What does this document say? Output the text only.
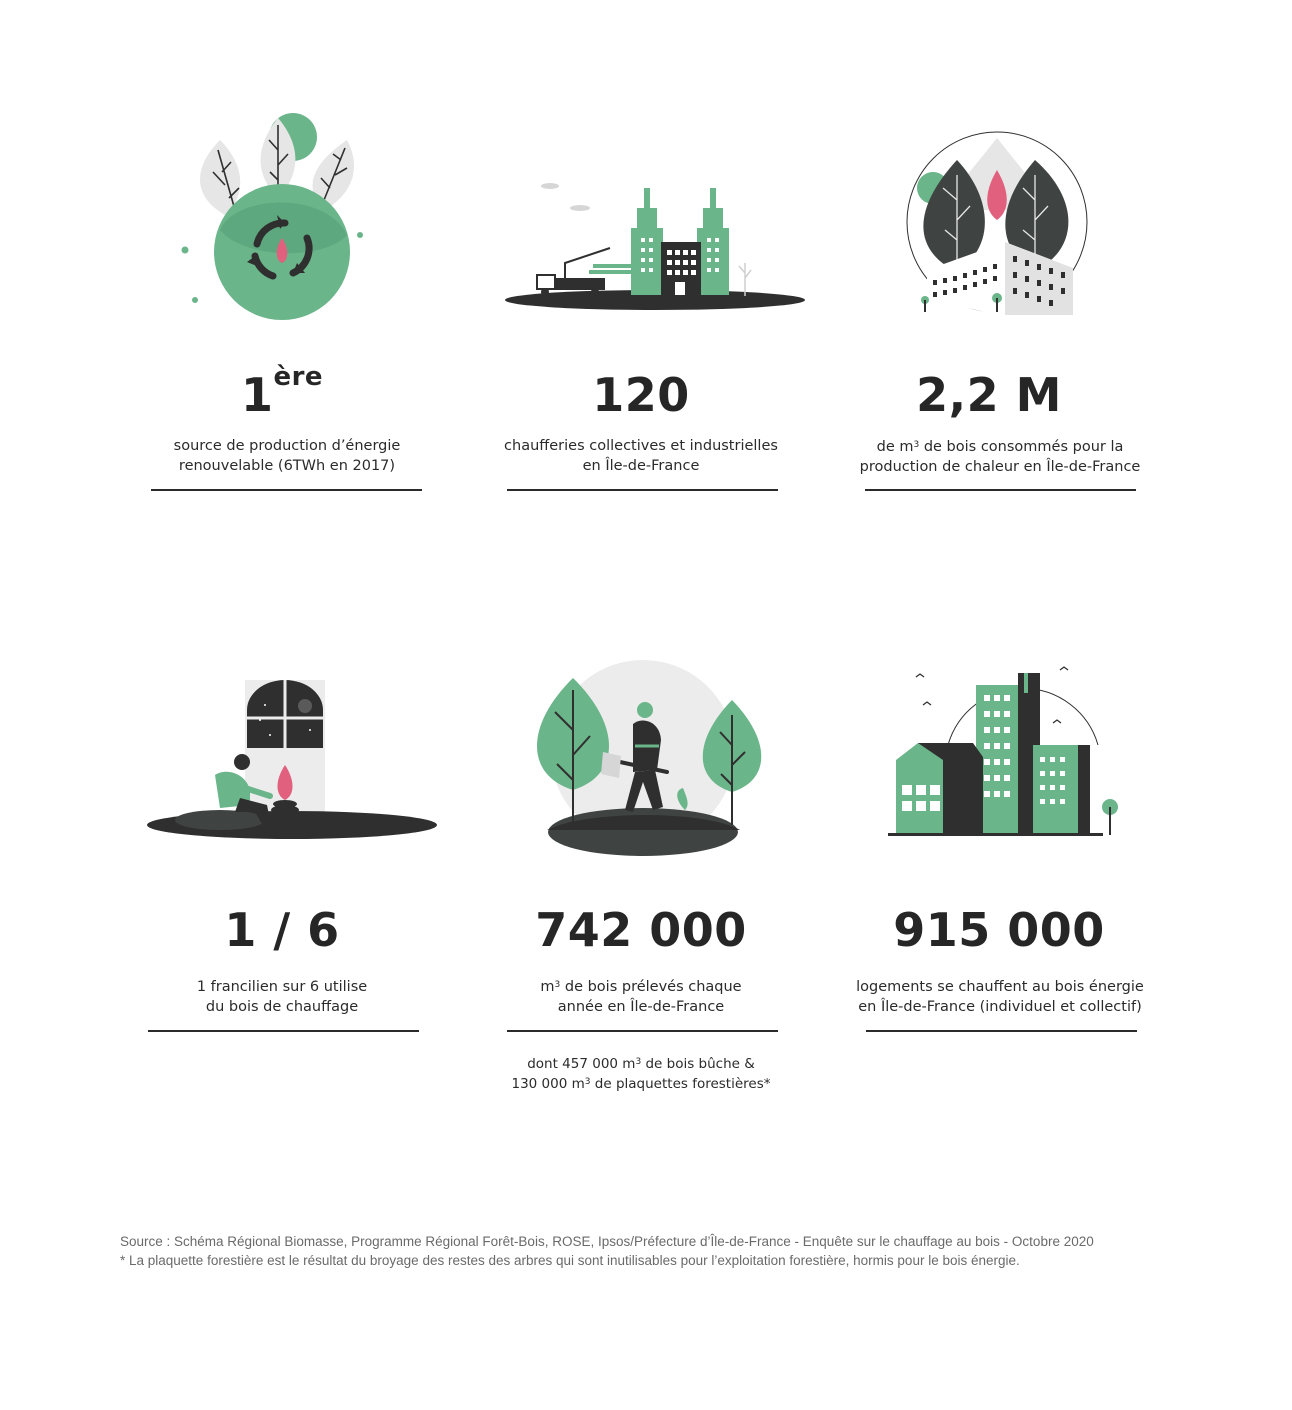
1ère
source de production d’énergie
renouvelable (6TWh en 2017)
120
chaufferies collectives et industrielles
en Île-de-France
2,2 M
de $m^3$ de bois consommés pour la
production de chaleur en Île-de-France
1 / 6
1 francilien sur 6 utilise
du bois de chauffage
742 000
$m^3$ de bois prélevés chaque
année en Île-de-France
dont 457 000 $m^3$ de bois bûche &
130 000 $m^3$ de plaquettes forestières*
915 000
logements se chauffent au bois énergie
en Île-de-France (individuel et collectif)
Source : Schéma Régional Biomasse, Programme Régional Forêt-Bois, ROSE, Ipsos/Préfecture d’Île-de-France - Enquête sur le chauffage au bois - Octobre 2020
* La plaquette forestière est le résultat du broyage des restes des arbres qui sont inutilisables pour l’exploitation forestière, hormis pour le bois énergie.
